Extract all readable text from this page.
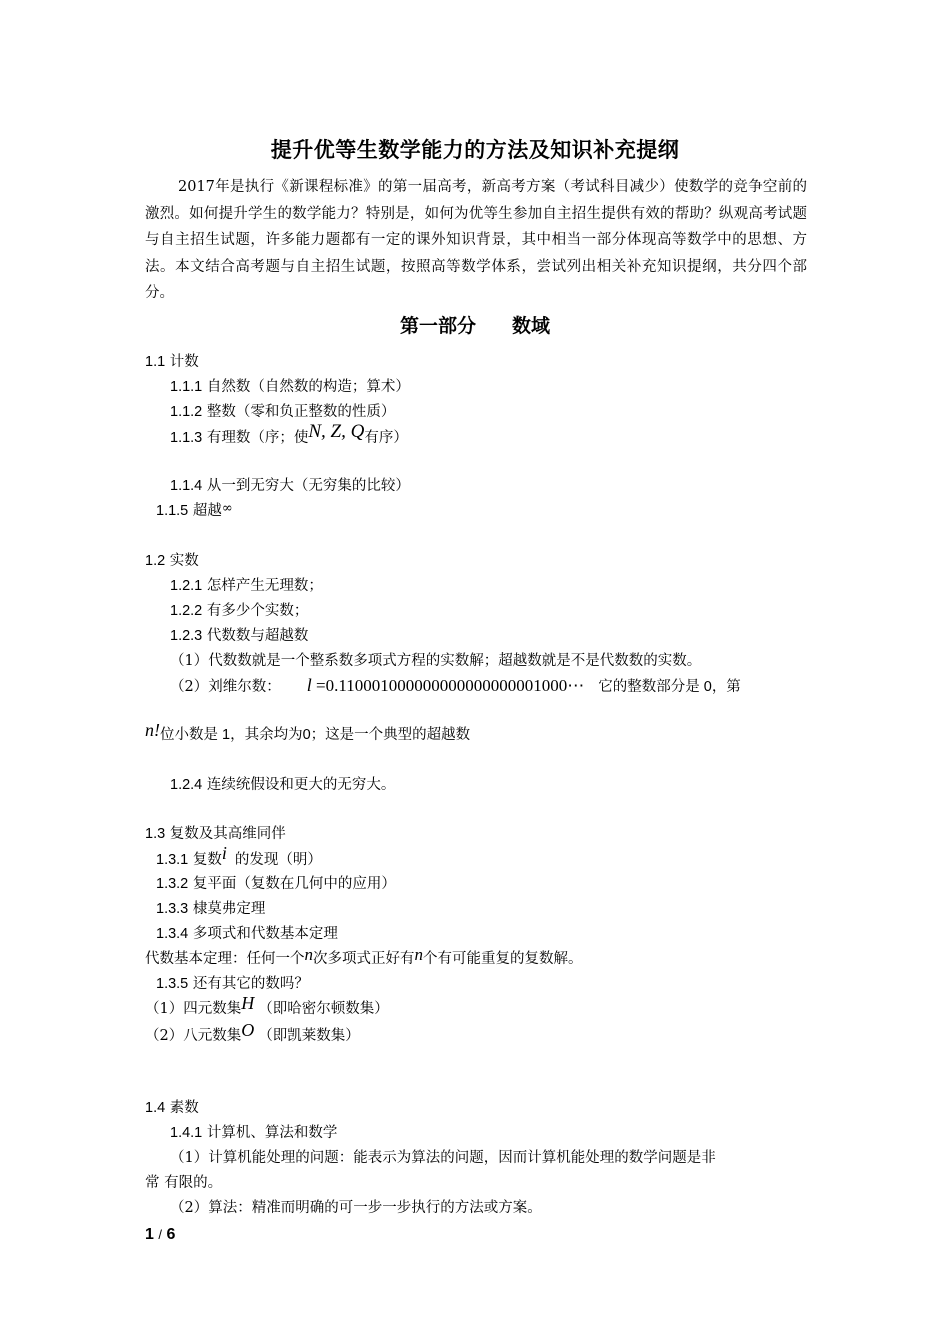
提升优等生数学能力的方法及知识补充提纲
2017年是执行《新课程标准》的第一届高考，新高考方案（考试科目减少）使数学的竞争空前的激烈。如何提升学生的数学能力？特别是，如何为优等生参加自主招生提供有效的帮助？纵观高考试题与自主招生试题，许多能力题都有一定的课外知识背景，其中相当一部分体现高等数学中的思想、方法。本文结合高考题与自主招生试题，按照高等数学体系，尝试列出相关补充知识提纲，共分四个部分。
第一部分 数域
1.1 计数
1.1.1 自然数（自然数的构造；算术）
1.1.2 整数（零和负正整数的性质）
1.1.3 有理数（序；使N, Z, Q有序）
1.1.4 从一到无穷大（无穷集的比较）
1.1.5 超越∞
1.2 实数
1.2.1 怎样产生无理数；
1.2.2 有多少个实数；
1.2.3 代数数与超越数
（1）代数数就是一个整系数多项式方程的实数解；超越数就是不是代数数的实数。
（2）刘维尔数： l =0.110001000000000000000001000⋯ 它的整数部分是 0，第
n!位小数是 1，其余均为0；这是一个典型的超越数
1.2.4 连续统假设和更大的无穷大。
1.3 复数及其高维同伴
1.3.1 复数i 的发现（明）
1.3.2 复平面（复数在几何中的应用）
1.3.3 棣莫弗定理
1.3.4 多项式和代数基本定理
代数基本定理：任何一个n次多项式正好有n个有可能重复的复数解。
1.3.5 还有其它的数吗？
（1）四元数集H （即哈密尔顿数集）
（2）八元数集O （即凯莱数集）
1.4 素数
1.4.1 计算机、算法和数学
（1）计算机能处理的问题：能表示为算法的问题，因而计算机能处理的数学问题是非
常 有限的。
（2）算法：精准而明确的可一步一步执行的方法或方案。
1 / 6
